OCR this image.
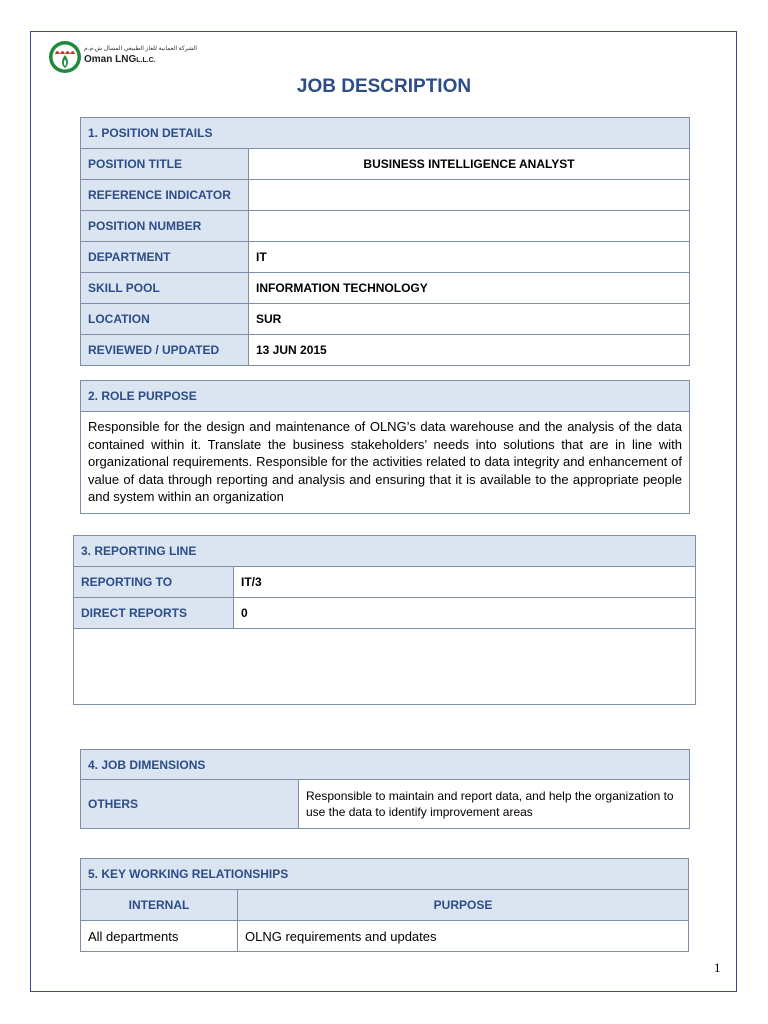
الشركة العمانية للغاز الطبيعي المسال ش.م.م
Oman LNGL.L.C.
JOB DESCRIPTION
1. POSITION DETAILS	
POSITION TITLE	BUSINESS INTELLIGENCE ANALYST
REFERENCE INDICATOR	
POSITION NUMBER	
DEPARTMENT	IT
SKILL POOL	INFORMATION TECHNOLOGY
LOCATION	SUR
REVIEWED / UPDATED	13 JUN 2015
2. ROLE PURPOSE
Responsible for the design and maintenance of OLNG’s data warehouse and the analysis of the data contained within it. Translate the business stakeholders’ needs into solutions that are in line with organizational requirements. Responsible for the activities related to data integrity and enhancement of value of data through reporting and analysis and ensuring that it is available to the appropriate people and system within an organization
3. REPORTING LINE	
REPORTING TO	IT/3
DIRECT REPORTS	0

4. JOB DIMENSIONS
OTHERS	Responsible to maintain and report data, and help the organization to use the data to identify improvement areas
5. KEY WORKING RELATIONSHIPS	
INTERNAL	PURPOSE
All departments	OLNG requirements and updates
1
